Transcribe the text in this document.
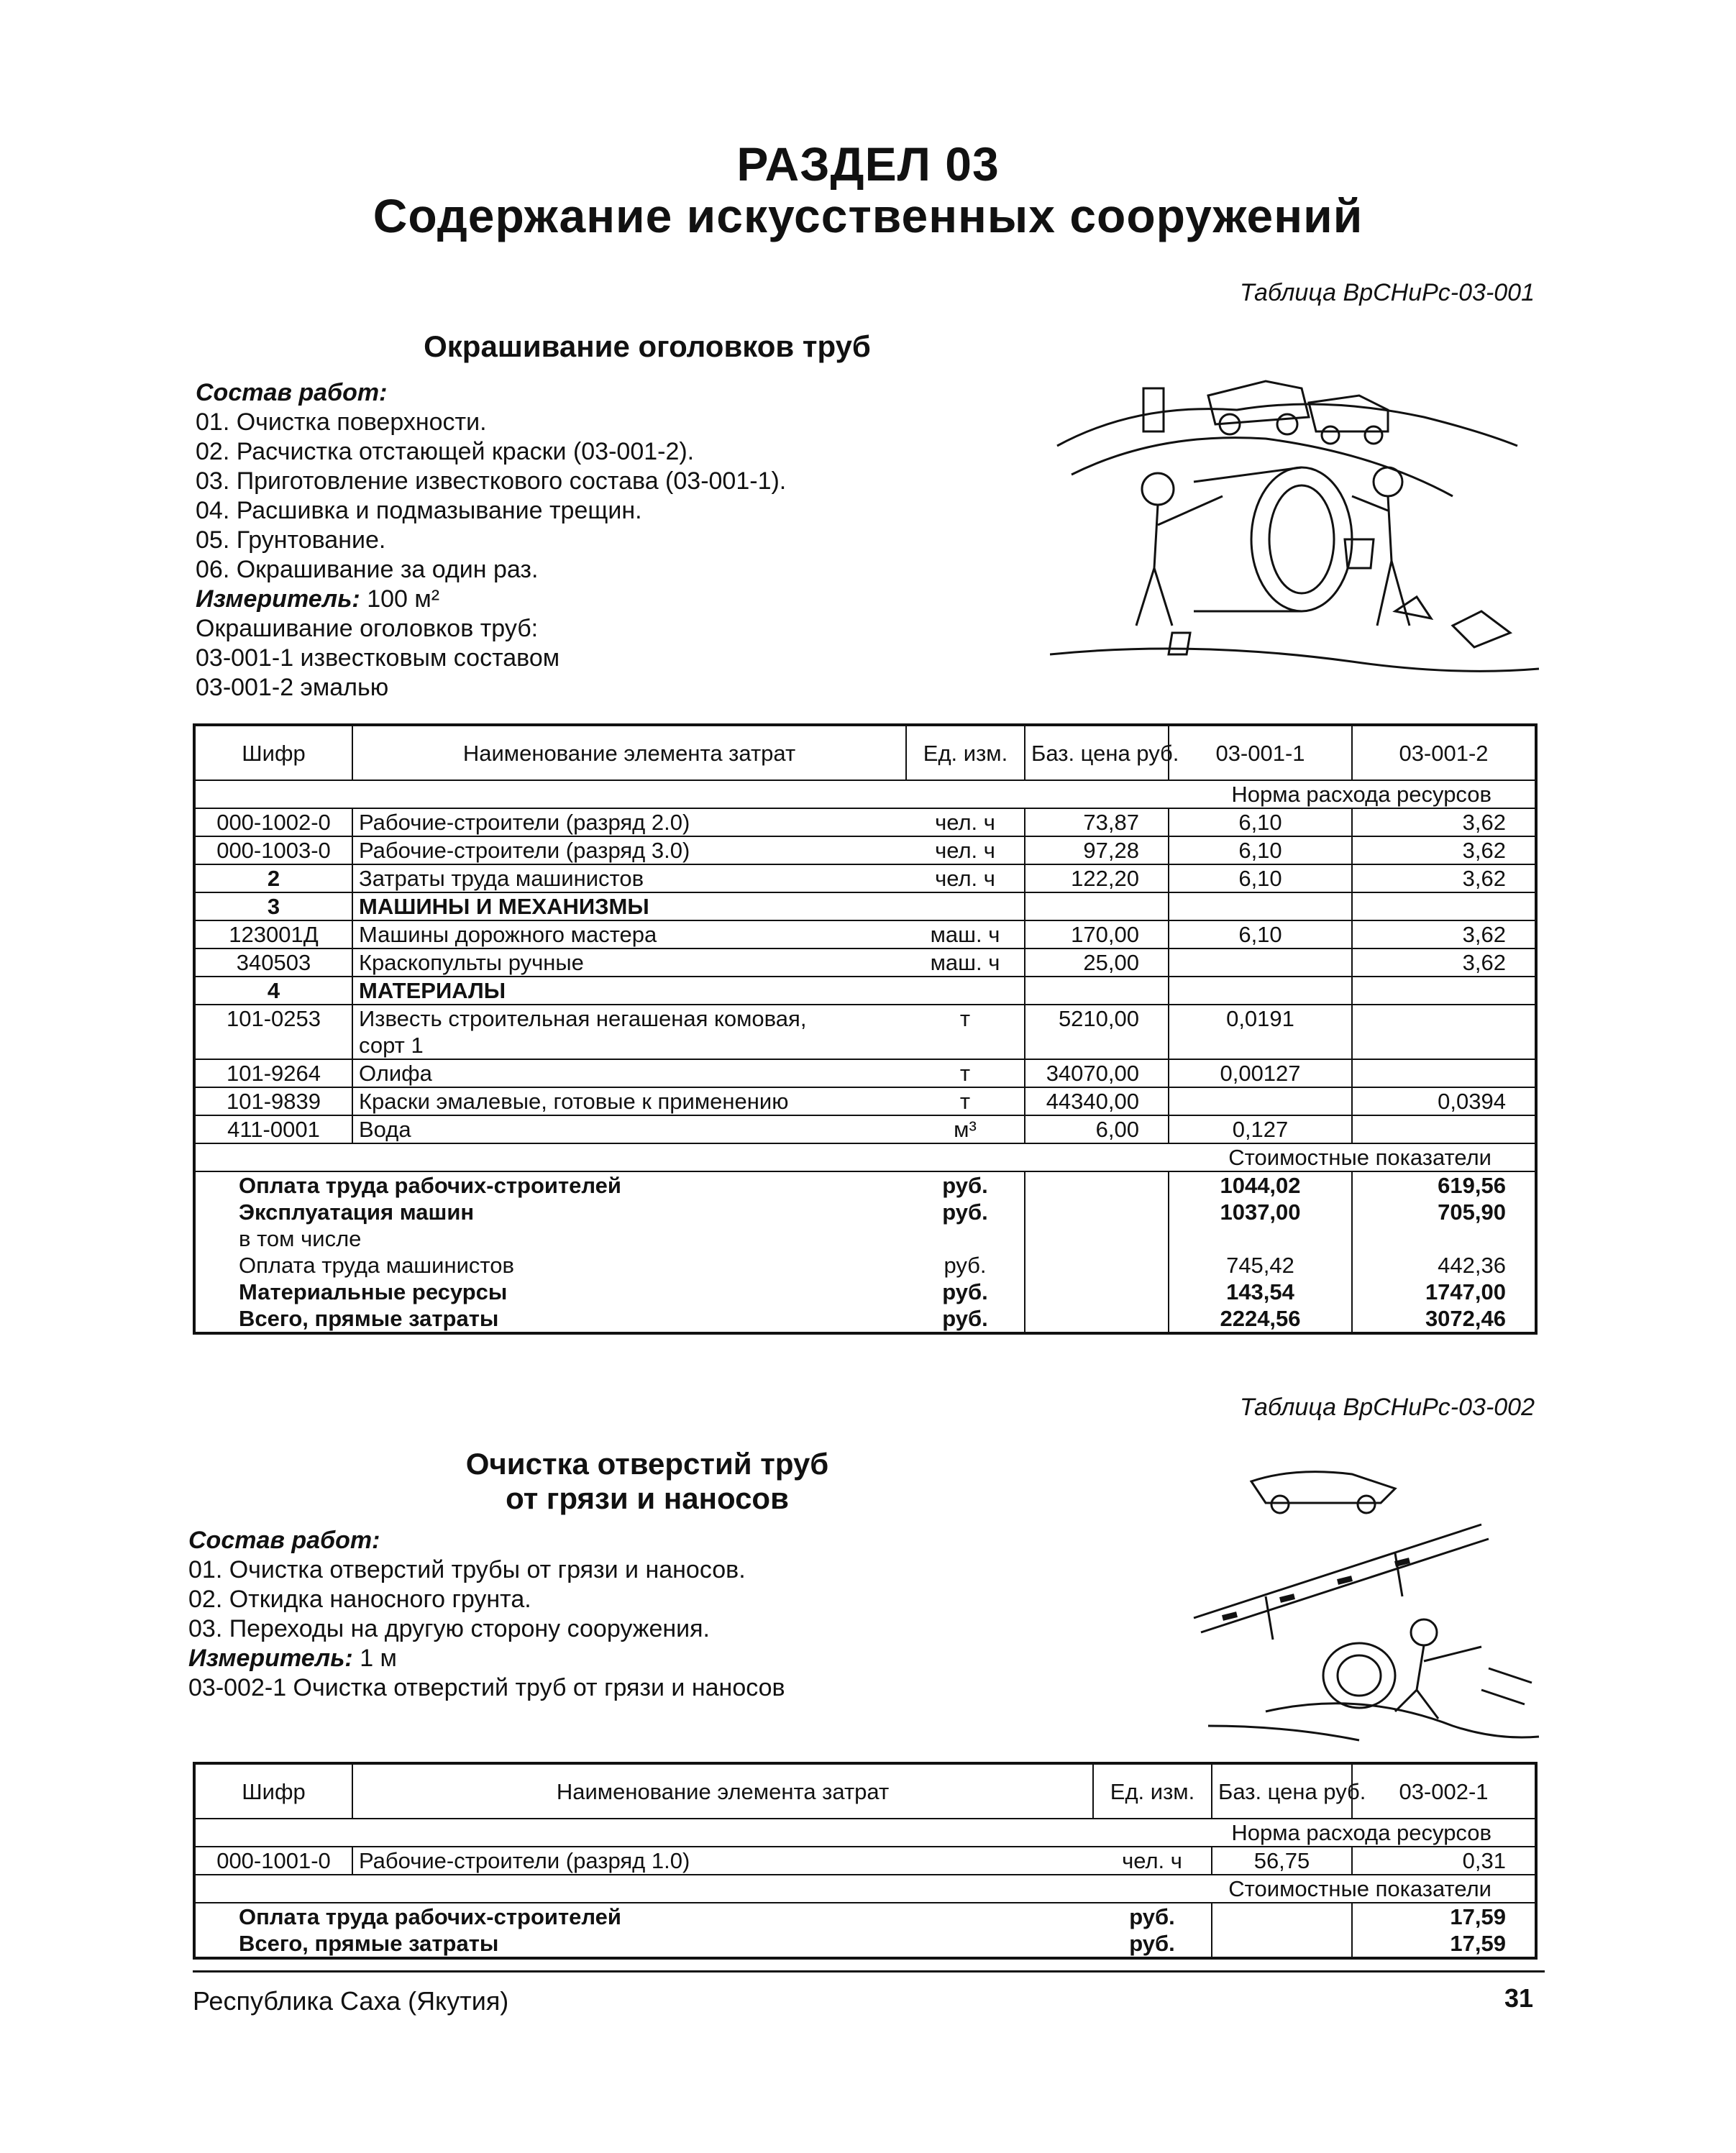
РАЗДЕЛ 03
Содержание искусственных сооружений
Таблица ВрСНиРс-03-001
Окрашивание оголовков труб
Состав работ:
01. Очистка поверхности.
02. Расчистка отстающей краски (03-001-2).
03. Приготовление известкового состава (03-001-1).
04. Расшивка и подмазывание трещин.
05. Грунтование.
06. Окрашивание за один раз.
Измеритель: 100 м²
Окрашивание оголовков труб:
03-001-1 известковым составом
03-001-2 эмалью
Шифр	Наименование элемента затрат	Ед. изм.	Баз. цена руб.	03-001-1	03-001-2
Норма расхода ресурсов					
000-1002-0	Рабочие-строители (разряд 2.0)	чел. ч	73,87	6,10	3,62
000-1003-0	Рабочие-строители (разряд 3.0)	чел. ч	97,28	6,10	3,62
2	Затраты труда машинистов	чел. ч	122,20	6,10	3,62
3	МАШИНЫ И МЕХАНИЗМЫ				
123001Д	Машины дорожного мастера	маш. ч	170,00	6,10	3,62
340503	Краскопульты ручные	маш. ч	25,00		3,62
4	МАТЕРИАЛЫ				
101-0253	Известь строительная негашеная комовая,	т	5210,00	0,0191	
	сорт 1				
101-9264	Олифа	т	34070,00	0,00127	
101-9839	Краски эмалевые, готовые к применению	т	44340,00		0,0394
411-0001	Вода	м³	6,00	0,127	
Стоимостные показатели					
Оплата труда рабочих-строителей		руб.		1044,02	619,56
Эксплуатация машин		руб.		1037,00	705,90
в том числе					
Оплата труда машинистов		руб.		745,42	442,36
Материальные ресурсы		руб.		143,54	1747,00
Всего, прямые затраты		руб.		2224,56	3072,46
Таблица ВрСНиРс-03-002
Очистка отверстий труб
от грязи и наносов
Состав работ:
01. Очистка отверстий трубы от грязи и наносов.
02. Откидка наносного грунта.
03. Переходы на другую сторону сооружения.
Измеритель: 1 м
03-002-1 Очистка отверстий труб от грязи и наносов
Шифр	Наименование элемента затрат	Ед. изм.	Баз. цена руб.	03-002-1
Норма расхода ресурсов				
000-1001-0	Рабочие-строители (разряд 1.0)	чел. ч	56,75	0,31
Стоимостные показатели				
Оплата труда рабочих-строителей		руб.		17,59
Всего, прямые затраты		руб.		17,59
Республика Саха (Якутия)	31
